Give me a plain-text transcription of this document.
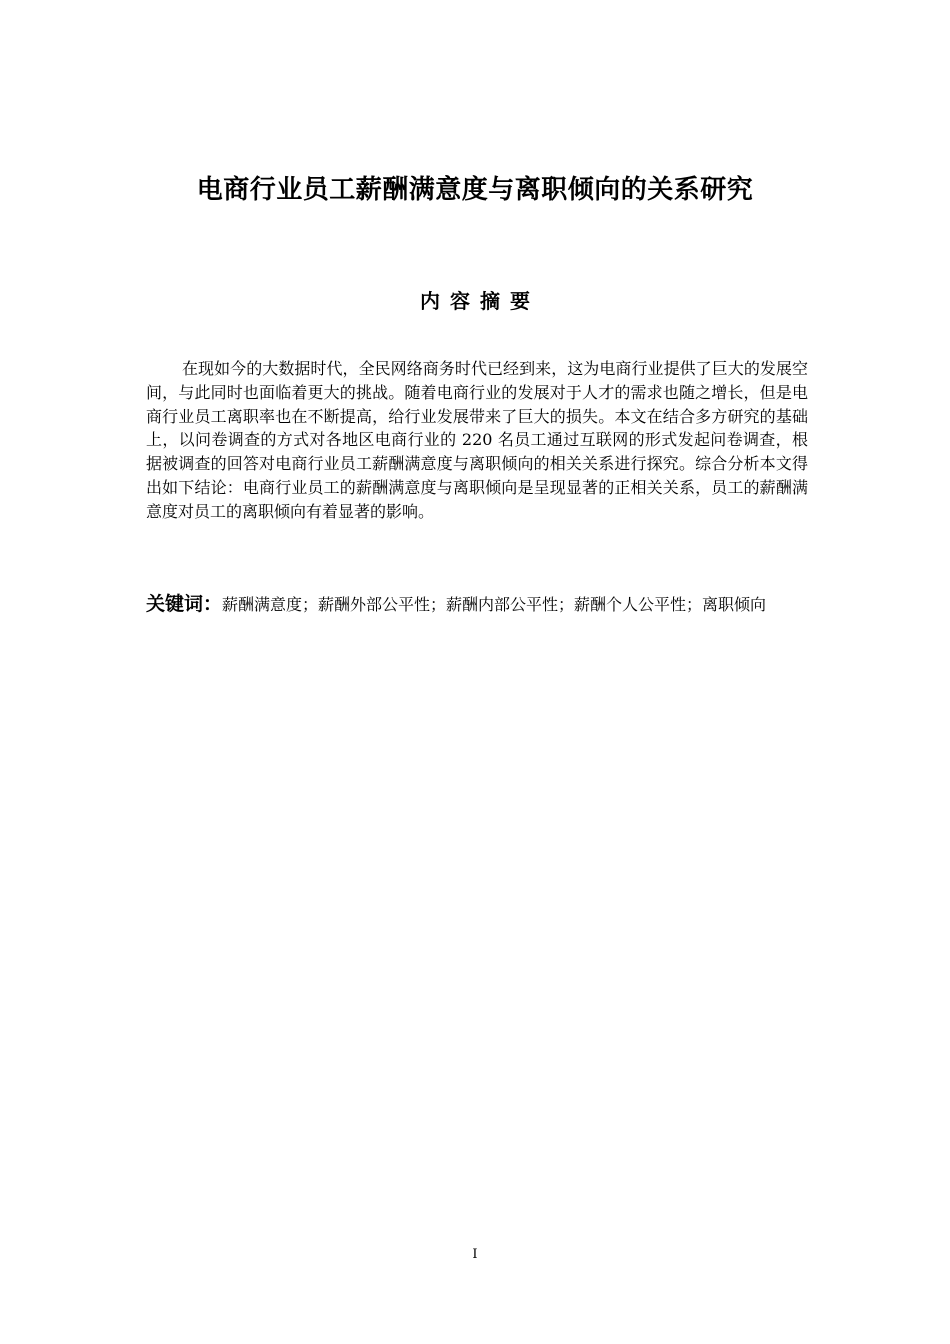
电商行业员工薪酬满意度与离职倾向的关系研究
内 容 摘 要

在现如今的大数据时代，全民网络商务时代已经到来，这为电商行业提供了巨大的发展空间，与此同时也面临着更大的挑战。随着电商行业的发展对于人才的需求也随之增长，但是电商行业员工离职率也在不断提高，给行业发展带来了巨大的损失。本文在结合多方研究的基础上，以问卷调查的方式对各地区电商行业的 220 名员工通过互联网的形式发起问卷调查，根据被调查的回答对电商行业员工薪酬满意度与离职倾向的相关关系进行探究。综合分析本文得出如下结论：电商行业员工的薪酬满意度与离职倾向是呈现显著的正相关关系，员工的薪酬满意度对员工的离职倾向有着显著的影响。

关键词：薪酬满意度；薪酬外部公平性；薪酬内部公平性；薪酬个人公平性；离职倾向

I
